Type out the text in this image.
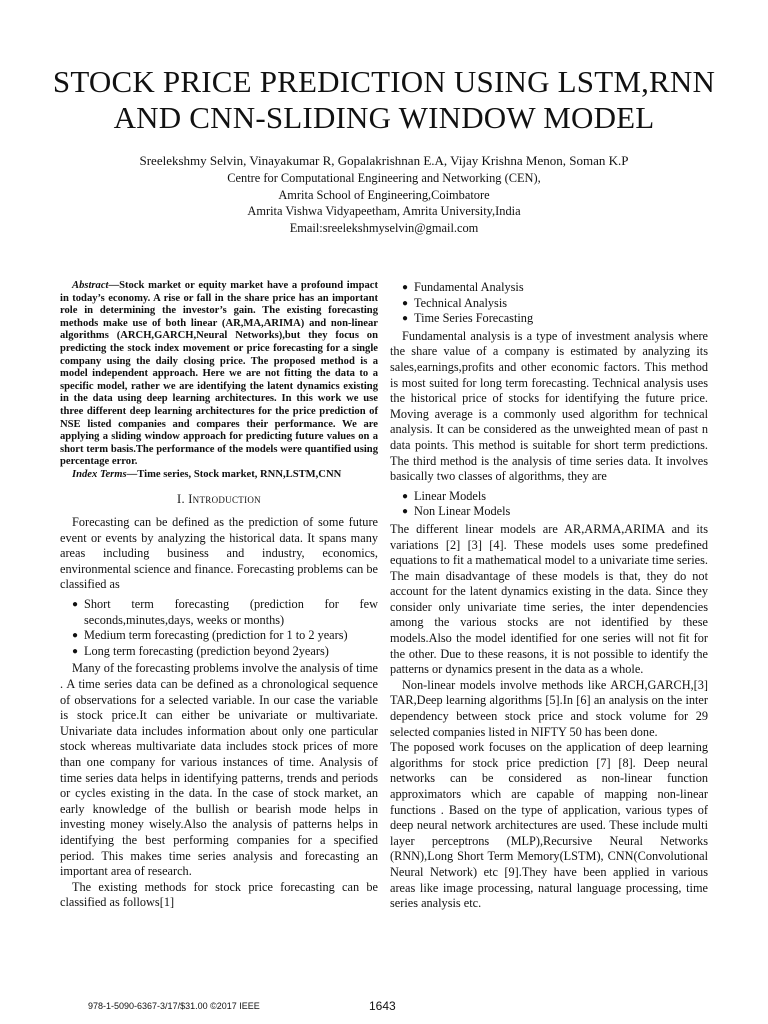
STOCK PRICE PREDICTION USING LSTM,RNN
AND CNN-SLIDING WINDOW MODEL
Sreelekshmy Selvin, Vinayakumar R, Gopalakrishnan E.A, Vijay Krishna Menon, Soman K.P
Centre for Computational Engineering and Networking (CEN),
Amrita School of Engineering,Coimbatore
Amrita Vishwa Vidyapeetham, Amrita University,India
Email:sreelekshmyselvin@gmail.com

Abstract—Stock market or equity market have a profound impact in today’s economy. A rise or fall in the share price has an important role in determining the investor’s gain. The existing forecasting methods make use of both linear (AR,MA,ARIMA) and non-linear algorithms (ARCH,GARCH,Neural Networks),but they focus on predicting the stock index movement or price forecasting for a single company using the daily closing price. The proposed method is a model independent approach. Here we are not fitting the data to a specific model, rather we are identifying the latent dynamics existing in the data using deep learning architectures. In this work we use three different deep learning architectures for the price prediction of NSE listed companies and compares their performance. We are applying a sliding window approach for predicting future values on a short term basis.The performance of the models were quantified using percentage error.

Index Terms—Time series, Stock market, RNN,LSTM,CNN

I. Introduction

Forecasting can be defined as the prediction of some future event or events by analyzing the historical data. It spans many areas including business and industry, economics, environmental science and finance. Forecasting problems can be classified as

● Short term forecasting (prediction for few seconds,minutes,days, weeks or months)
● Medium term forecasting (prediction for 1 to 2 years)
● Long term forecasting (prediction beyond 2years)

Many of the forecasting problems involve the analysis of time . A time series data can be defined as a chronological sequence of observations for a selected variable. In our case the variable is stock price.It can either be univariate or multivariate. Univariate data includes information about only one particular stock whereas multivariate data includes stock prices of more than one company for various instances of time. Analysis of time series data helps in identifying patterns, trends and periods or cycles existing in the data. In the case of stock market, an early knowledge of the bullish or bearish mode helps in investing money wisely.Also the analysis of patterns helps in identifying the best performing companies for a specified period. This makes time series analysis and forecasting an important area of research.

The existing methods for stock price forecasting can be classified as follows[1]

● Fundamental Analysis
● Technical Analysis
● Time Series Forecasting

Fundamental analysis is a type of investment analysis where the share value of a company is estimated by analyzing its sales,earnings,profits and other economic factors. This method is most suited for long term forecasting. Technical analysis uses the historical price of stocks for identifying the future price. Moving average is a commonly used algorithm for technical analysis. It can be considered as the unweighted mean of past n data points. This method is suitable for short term predictions. The third method is the analysis of time series data. It involves basically two classes of algorithms, they are

● Linear Models
● Non Linear Models

The different linear models are AR,ARMA,ARIMA and its variations [2] [3] [4]. These models uses some predefined equations to fit a mathematical model to a univariate time series. The main disadvantage of these models is that, they do not account for the latent dynamics existing in the data. Since they consider only univariate time series, the inter dependencies among the various stocks are not identified by these models.Also the model identified for one series will not fit for the other. Due to these reasons, it is not possible to identify the patterns or dynamics present in the data as a whole.

Non-linear models involve methods like ARCH,GARCH,[3] TAR,Deep learning algorithms [5].In [6] an analysis on the inter dependency between stock price and stock volume for 29 selected companies listed in NIFTY 50 has been done.

The poposed work focuses on the application of deep learning algorithms for stock price prediction [7] [8]. Deep neural networks can be considered as non-linear function approximators which are capable of mapping non-linear functions . Based on the type of application, various types of deep neural network architectures are used. These include multi layer perceptrons (MLP),Recursive Neural Networks (RNN),Long Short Term Memory(LSTM), CNN(Convolutional Neural Network) etc [9].They have been applied in various areas like image processing, natural language processing, time series analysis etc.

978-1-5090-6367-3/17/$31.00 ©2017 IEEE	1643
